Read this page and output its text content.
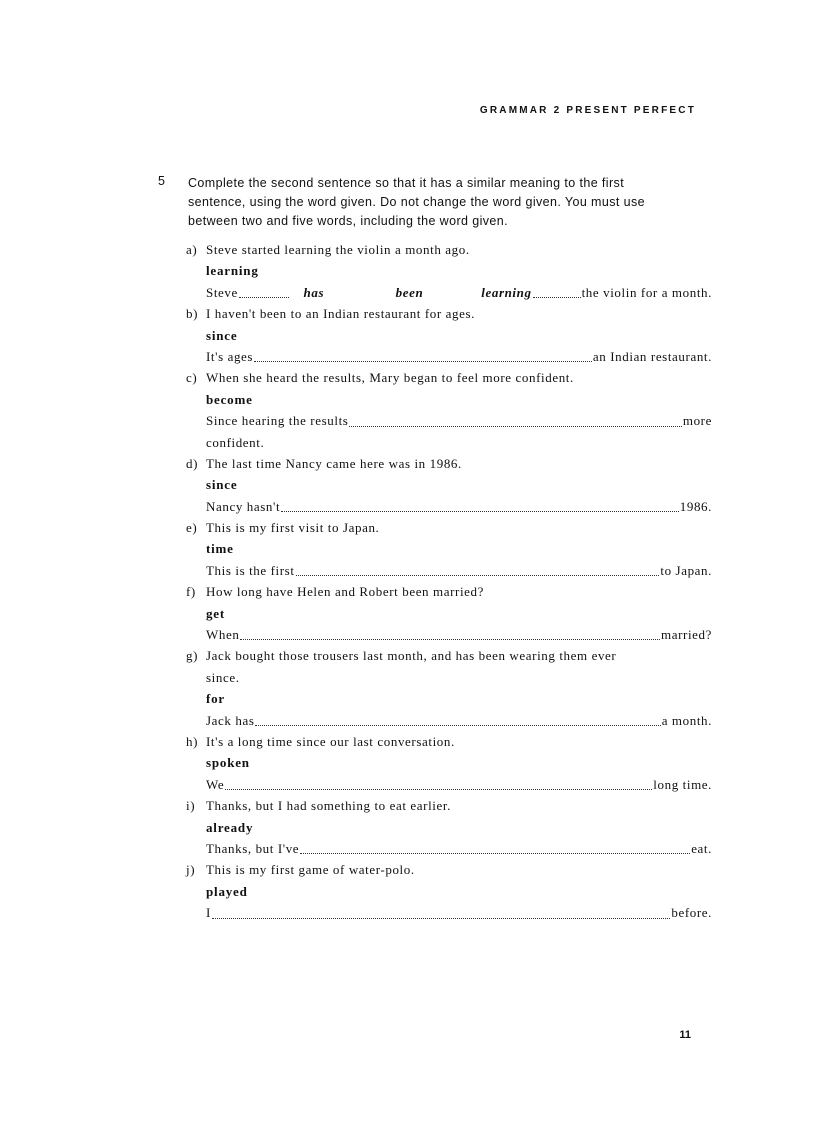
GRAMMAR 2 PRESENT PERFECT
5 Complete the second sentence so that it has a similar meaning to the first sentence, using the word given. Do not change the word given. You must use between two and five words, including the word given.

a) Steve started learning the violin a month ago.
learning
Steve	has	been	learning	the violin for a month.
b) I haven't been to an Indian restaurant for ages.
since
It's ages	an Indian restaurant.
c) When she heard the results, Mary began to feel more confident.
become
Since hearing the results	more
confident.
d) The last time Nancy came here was in 1986.
since
Nancy hasn't	1986.
e) This is my first visit to Japan.
time
This is the first	to Japan.
f) How long have Helen and Robert been married?
get
When	married?
g) Jack bought those trousers last month, and has been wearing them ever
since.
for
Jack has	a month.
h) It's a long time since our last conversation.
spoken
We	long time.
i) Thanks, but I had something to eat earlier.
already
Thanks, but I've	eat.
j) This is my first game of water-polo.
played
I	before.
11
